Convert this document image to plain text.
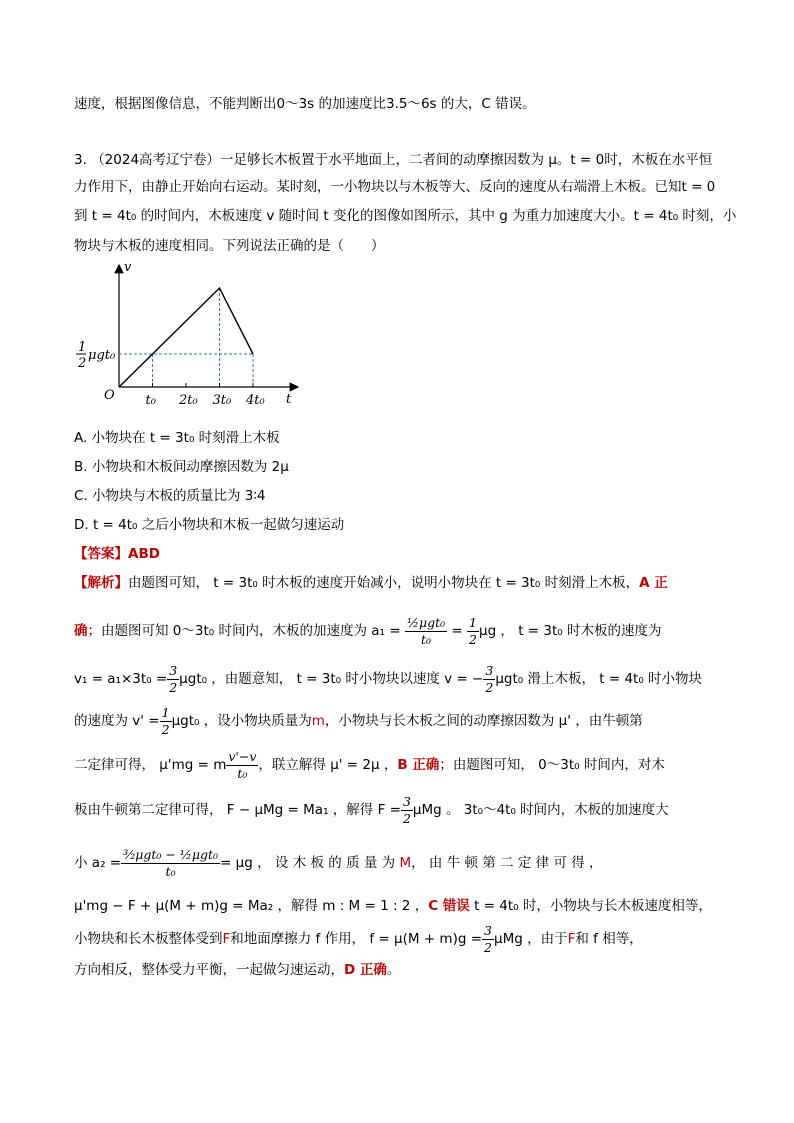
速度，根据图像信息，不能判断出0～3s 的加速度比3.5～6s 的大，C 错误。
3. （2024高考辽宁卷）一足够长木板置于水平地面上，二者间的动摩擦因数为 μ。t = 0时，木板在水平恒
力作用下，由静止开始向右运动。某时刻，一小物块以与木板等大、反向的速度从右端滑上木板。已知t = 0
到 t = 4t₀ 的时间内，木板速度 v 随时间 t 变化的图像如图所示，其中 g 为重力加速度大小。t = 4t₀ 时刻，小
物块与木板的速度相同。下列说法正确的是（　　）
v
t
O
1
2
μgt₀
t₀ 2t₀ 3t₀ 4t₀
A. 小物块在 t = 3t₀ 时刻滑上木板
B. 小物块和木板间动摩擦因数为 2μ
C. 小物块与木板的质量比为 3∶4
D. t = 4t₀ 之后小物块和木板一起做匀速运动
【答案】ABD
【解析】由题图可知， t = 3t₀ 时木板的速度开始减小，说明小物块在 t = 3t₀ 时刻滑上木板，A 正
确；由题图可知 0～3t₀ 时间内，木板的加速度为 $a_1 = \frac{\text{½μgt₀}}{\text{t₀}} = \frac{1}{2}$ μg ， t = 3t₀ 时木板的速度为
$v_1 = a_1\times 3t_0 = \frac{3}{2} \mu gt_0$ ，由题意知， t = 3t₀ 时小物块以速度 v = − $\frac{3}{2} \mu gt_0$ 滑上木板， t = 4t₀ 时小物块
的速度为 $v' = \frac{1}{2} \mu gt_0$ ，设小物块质量为m，小物块与长木板之间的动摩擦因数为 μ' ，由牛顿第
二定律可得， μ'mg = m $\frac{v'-v}{\text{t₀}}$ ，联立解得 μ' = 2μ ，B 正确；由题图可知， 0～3t₀ 时间内，对木
板由牛顿第二定律可得， F − μMg = Ma₁ ，解得 $F = \frac{3}{2}$ μMg 。 3t₀～4t₀ 时间内，木板的加速度大
小 $a_2 = \frac{\text{³⁄₂μgt₀ − ½μgt₀}}{\text{t₀}} = \mu g$ ， 设 木 板 的 质 量 为 M， 由 牛 顿 第 二 定 律 可 得 ，
μ'mg − F + μ(M + m)g = Ma₂ ，解得 m : M = 1 : 2 ，C 错误 t = 4t₀ 时，小物块与长木板速度相等，
小物块和长木板整体受到F和地面摩擦力 f 作用， $f = \mu(M + m)g = \frac{3}{2}$ μMg ，由于F和 f 相等，
方向相反，整体受力平衡，一起做匀速运动，D 正确。
